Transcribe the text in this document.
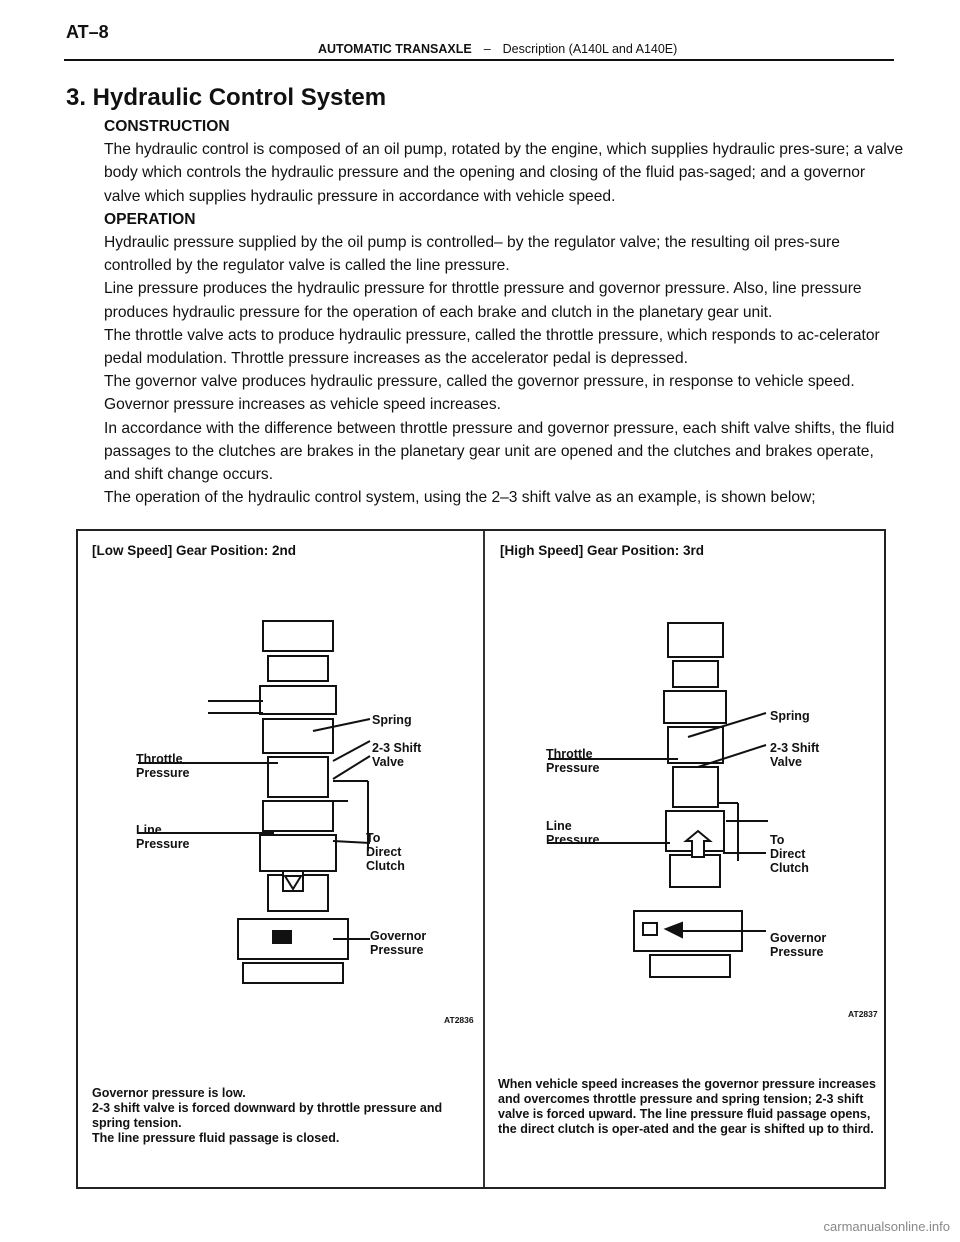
AT–8
AUTOMATIC TRANSAXLE – Description (A140L and A140E)
3. Hydraulic Control System

CONSTRUCTION

The hydraulic control is composed of an oil pump, rotated by the engine, which supplies hydraulic pres-sure; a valve body which controls the hydraulic pressure and the opening and closing of the fluid pas-saged; and a governor valve which supplies hydraulic pressure in accordance with vehicle speed.

OPERATION

Hydraulic pressure supplied by the oil pump is controlled– by the regulator valve; the resulting oil pres-sure controlled by the regulator valve is called the line pressure.

Line pressure produces the hydraulic pressure for throttle pressure and governor pressure. Also, line pressure produces hydraulic pressure for the operation of each brake and clutch in the planetary gear unit.

The throttle valve acts to produce hydraulic pressure, called the throttle pressure, which responds to ac-celerator pedal modulation. Throttle pressure increases as the accelerator pedal is depressed.

The governor valve produces hydraulic pressure, called the governor pressure, in response to vehicle speed. Governor pressure increases as vehicle speed increases.

In accordance with the difference between throttle pressure and governor pressure, each shift valve shifts, the fluid passages to the clutches are brakes in the planetary gear unit are opened and the clutches and brakes operate, and shift change occurs.

The operation of the hydraulic control system, using the 2–3 shift valve as an example, is shown below;

[Low Speed] Gear Position: 2nd
Spring
2-3 Shift
Valve
Throttle
Pressure
Line
Pressure	To
Direct
Clutch
Governor
Pressure
AT2836

Governor pressure is low.

2-3 shift valve is forced downward by throttle pressure and spring tension.

The line pressure fluid passage is closed.

[High Speed] Gear Position: 3rd
Spring
2-3 Shift
Valve
Throttle
Pressure
Line
Pressure	To
Direct
Clutch
Governor
Pressure
AT2837

When vehicle speed increases the governor pressure increases and overcomes throttle pressure and spring tension; 2-3 shift valve is forced upward. The line pressure fluid passage opens, the direct clutch is oper-ated and the gear is shifted up to third.

carmanualsonline.info
